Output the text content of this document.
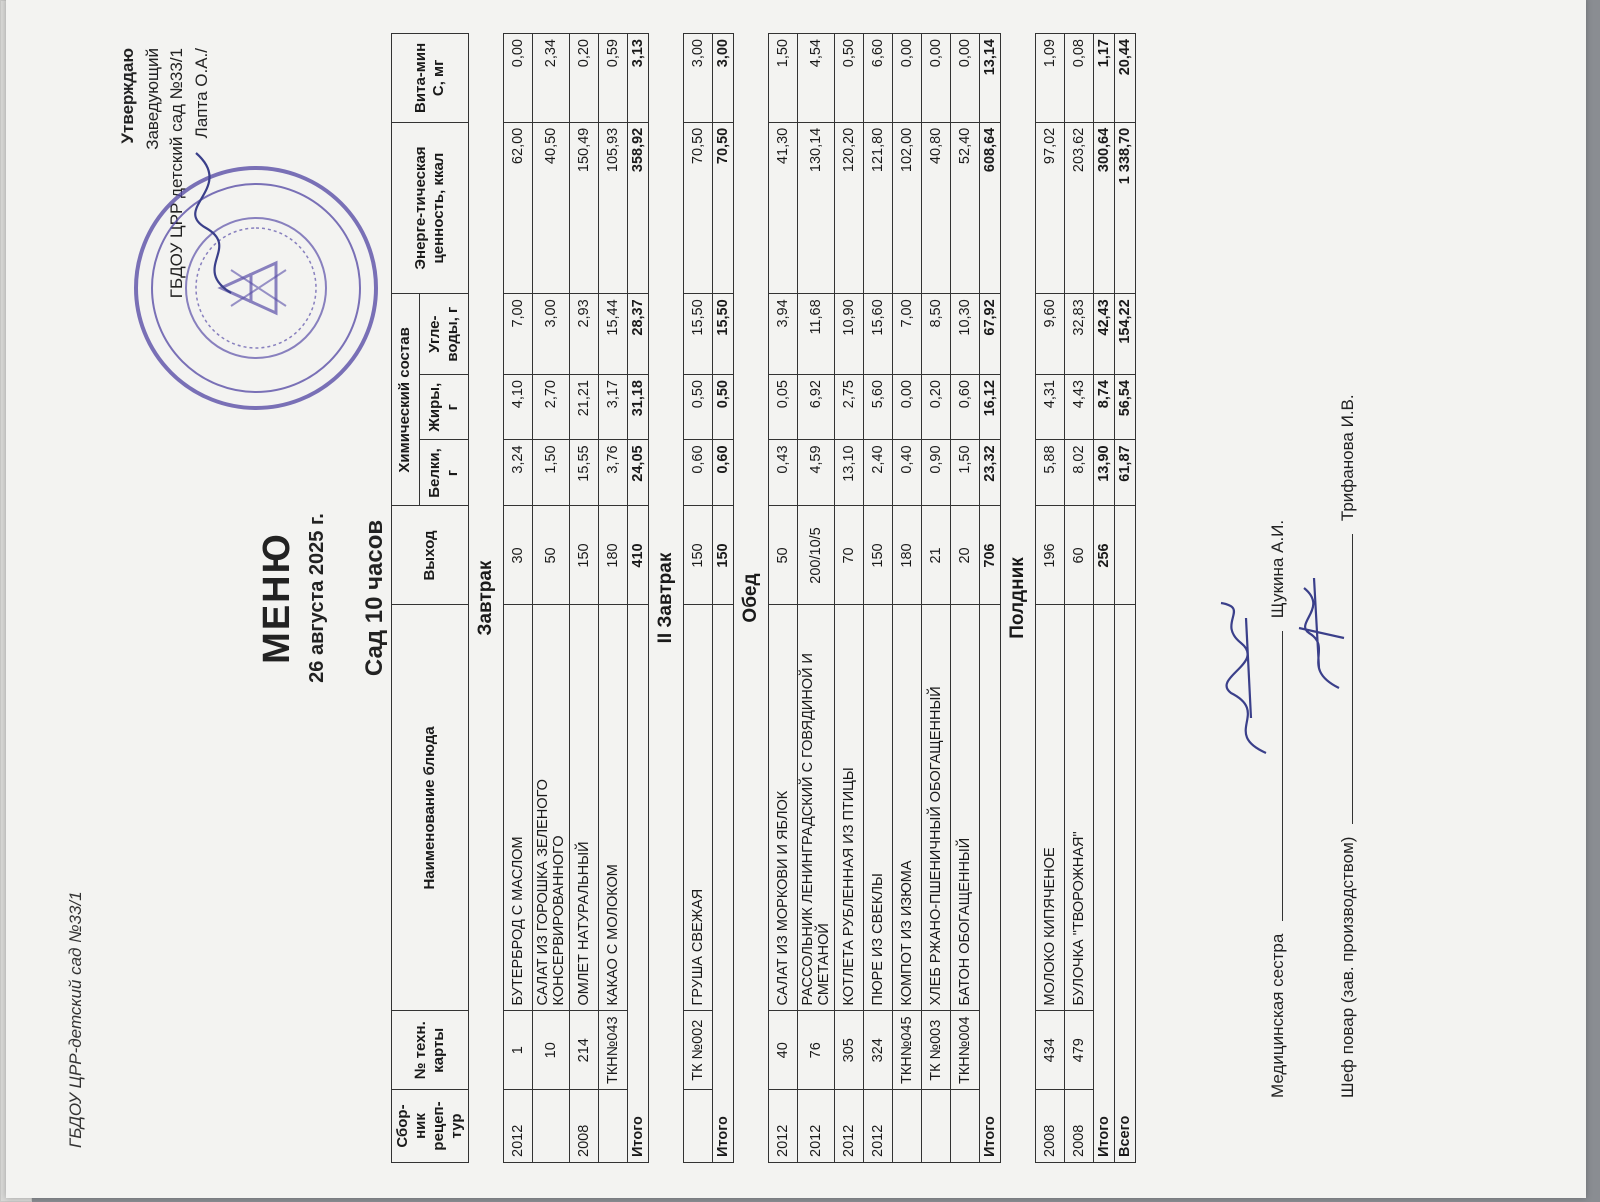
ГБДОУ ЦРР-детский сад №33/1
Утверждаю Заведующий ГБДОУ ЦРР детский сад №33/1 Лапта О.А./
МЕНЮ 26 августа 2025 г. Сад 10 часов
Сбор-ник рецеп-тур	№ техн. карты	Наименование блюда	Выход	Химический состав			Энерге-тическая ценность, ккал	Вита-мин С, мг
				Белки, г	Жиры, г	Угле-воды, г		
Завтрак								
2012	1	БУТЕРБРОД С МАСЛОМ	30	3,24	4,10	7,00	62,00	0,00
	10	САЛАТ ИЗ ГОРОШКА ЗЕЛЕНОГО КОНСЕРВИРОВАННОГО	50	1,50	2,70	3,00	40,50	2,34
2008	214	ОМЛЕТ НАТУРАЛЬНЫЙ	150	15,55	21,21	2,93	150,49	0,20
	ТКН№043	КАКАО С МОЛОКОМ	180	3,76	3,17	15,44	105,93	0,59
Итого			410	24,05	31,18	28,37	358,92	3,13
II Завтрак								
	ТК №002	ГРУША СВЕЖАЯ	150	0,60	0,50	15,50	70,50	3,00
Итого			150	0,60	0,50	15,50	70,50	3,00
Обед								
2012	40	САЛАТ ИЗ МОРКОВИ И ЯБЛОК	50	0,43	0,05	3,94	41,30	1,50
2012	76	РАССОЛЬНИК ЛЕНИНГРАДСКИЙ С ГОВЯДИНОЙ И СМЕТАНОЙ	200/10/5	4,59	6,92	11,68	130,14	4,54
2012	305	КОТЛЕТА РУБЛЕННАЯ ИЗ ПТИЦЫ	70	13,10	2,75	10,90	120,20	0,50
2012	324	ПЮРЕ ИЗ СВЕКЛЫ	150	2,40	5,60	15,60	121,80	6,60
	ТКН№045	КОМПОТ ИЗ ИЗЮМА	180	0,40	0,00	7,00	102,00	0,00
	ТК №003	ХЛЕБ РЖАНО-ПШЕНИЧНЫЙ ОБОГАЩЕННЫЙ	21	0,90	0,20	8,50	40,80	0,00
	ТКН№004	БАТОН ОБОГАЩЕННЫЙ	20	1,50	0,60	10,30	52,40	0,00
Итого			706	23,32	16,12	67,92	608,64	13,14
Полдник								
2008	434	МОЛОКО КИПЯЧЕНОЕ	196	5,88	4,31	9,60	97,02	1,09
2008	479	БУЛОЧКА "ТВОРОЖНАЯ"	60	8,02	4,43	32,83	203,62	0,08
Итого			256	13,90	8,74	42,43	300,64	1,17
Всего				61,87	56,54	154,22	1 338,70	20,44
Медицинская сестра  Щукина А.И.
Шеф повар (зав. производством)  Трифанова И.В.
